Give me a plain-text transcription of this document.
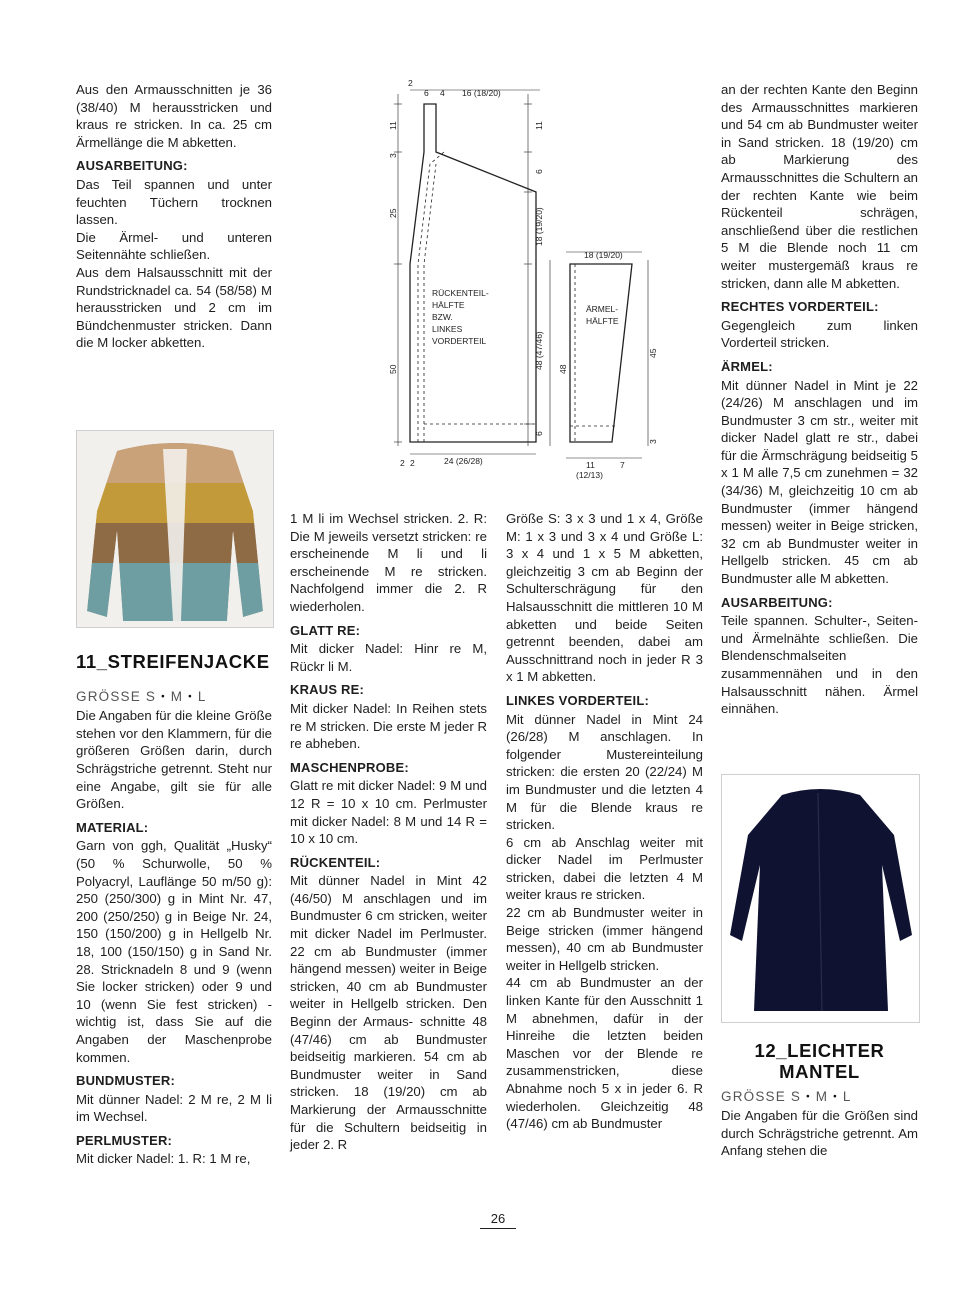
Aus den Armausschnitten je 36 (38/40) M herausstricken und kraus re stricken. In ca. 25 cm Ärmellänge die M abketten.

AUSARBEITUNG:

Das Teil spannen und unter feuchten Tüchern trocknen lassen.

Die Ärmel- und unteren Seitennähte schließen.

Aus dem Halsausschnitt mit der Rundstricknadel ca. 54 (58/58) M herausstricken und 2 cm im Bündchenmuster stricken. Dann die M locker abketten.

11_STREIFENJACKE

GRÖSSE S • M • L

Die Angaben für die kleine Größe stehen vor den Klammern, für die größeren Größen darin, durch Schrägstriche getrennt. Steht nur eine Angabe, gilt sie für alle Größen.

MATERIAL:

Garn von ggh, Qualität „Husky“ (50 % Schurwolle, 50 % Polyacryl, Lauflänge 50 m/50 g): 250 (250/300) g in Mint Nr. 47, 200 (250/250) g in Beige Nr. 24, 150 (150/200) g in Hellgelb Nr. 18, 100 (150/150) g in Sand Nr. 28. Stricknadeln 8 und 9 (wenn Sie locker stricken) oder 9 und 10 (wenn Sie fest stricken) - wichtig ist, dass Sie auf die Angaben der Maschenprobe kommen.

BUNDMUSTER:

Mit dünner Nadel: 2 M re, 2 M li im Wechsel.

PERLMUSTER:

Mit dicker Nadel: 1. R: 1 M re,

RÜCKENTEIL-
HÄLFTE
BZW.
LINKES
VORDERTEIL
ÄRMEL-
HÄLFTE
2
6 4 16 (18/20)
11
3
25
50
2 2
11
6
18 (19/20)
48 (47/46)
6
24 (26/28)
18 (19/20)
48
45
3
11	7
(12/13)

1 M li im Wechsel stricken. 2. R: Die M jeweils versetzt stricken: re erscheinende M li und li erscheinende M re stricken. Nachfolgend immer die 2. R wiederholen.

GLATT RE:

Mit dicker Nadel: Hinr re M, Rückr li M.

KRAUS RE:

Mit dicker Nadel: In Reihen stets re M stricken. Die erste M jeder R re abheben.

MASCHENPROBE:

Glatt re mit dicker Nadel: 9 M und 12 R = 10 x 10 cm. Perlmuster mit dicker Nadel: 8 M und 14 R = 10 x 10 cm.

RÜCKENTEIL:

Mit dünner Nadel in Mint 42 (46/50) M anschlagen und im Bundmuster 6 cm stricken, weiter mit dicker Nadel im Perlmuster. 22 cm ab Bundmuster (immer hängend messen) weiter in Beige stricken, 40 cm ab Bundmuster weiter in Hellgelb stricken. Den Beginn der Armaus- schnitte 48 (47/46) cm ab Bundmuster beidseitig markieren. 54 cm ab Bundmuster weiter in Sand stricken. 18 (19/20) cm ab Markierung der Armausschnitte für die Schultern beidseitig in jeder 2. R

Größe S: 3 x 3 und 1 x 4, Größe M: 1 x 3 und 3 x 4 und Größe L: 3 x 4 und 1 x 5 M abketten, gleichzeitig 3 cm ab Beginn der Schulterschrägung für den Halsausschnitt die mittleren 10 M abketten und beide Seiten getrennt beenden, dabei am Ausschnittrand noch in jeder R 3 x 1 M abketten.

LINKES VORDERTEIL:

Mit dünner Nadel in Mint 24 (26/28) M anschlagen. In folgender Mustereinteilung stricken: die ersten 20 (22/24) M im Bundmuster und die letzten 4 M für die Blende kraus re stricken.

6 cm ab Anschlag weiter mit dicker Nadel im Perlmuster stricken, dabei die letzten 4 M weiter kraus re stricken.

22 cm ab Bundmuster weiter in Beige stricken (immer hängend messen), 40 cm ab Bundmuster weiter in Hellgelb stricken.

44 cm ab Bundmuster an der linken Kante für den Ausschnitt 1 M abnehmen, dafür in der Hinreihe die letzten beiden Maschen vor der Blende re zusammenstricken, diese Abnahme noch 5 x in jeder 6. R wiederholen. Gleichzeitig 48 (47/46) cm ab Bundmuster

an der rechten Kante den Beginn des Armausschnittes markieren und 54 cm ab Bundmuster weiter in Sand stricken. 18 (19/20) cm ab Markierung des Armausschnittes die Schultern an der rechten Kante wie beim Rückenteil schrägen, anschließend über die restlichen 5 M die Blende noch 11 cm weiter mustergemäß kraus re stricken, dann alle M abketten.

RECHTES VORDERTEIL:

Gegengleich zum linken Vorderteil stricken.

ÄRMEL:

Mit dünner Nadel in Mint je 22 (24/26) M anschlagen und im Bundmuster 3 cm str., weiter mit dicker Nadel glatt re str., dabei für die Ärmschrägung beidseitig 5 x 1 M alle 7,5 cm zunehmen = 32 (34/36) M, gleichzeitig 10 cm ab Bundmuster (immer hängend messen) weiter in Beige stricken, 32 cm ab Bundmuster weiter in Hellgelb stricken. 45 cm ab Bundmuster alle M abketten.

AUSARBEITUNG:

Teile spannen. Schulter-, Seiten- und Ärmelnähte schließen. Die Blendenschmalseiten zusammennähen und in den Halsausschnitt nähen. Ärmel einnähen.

12_LEICHTER
MANTEL

GRÖSSE S • M • L

Die Angaben für die Größen sind durch Schrägstriche getrennt. Am Anfang stehen die

26
